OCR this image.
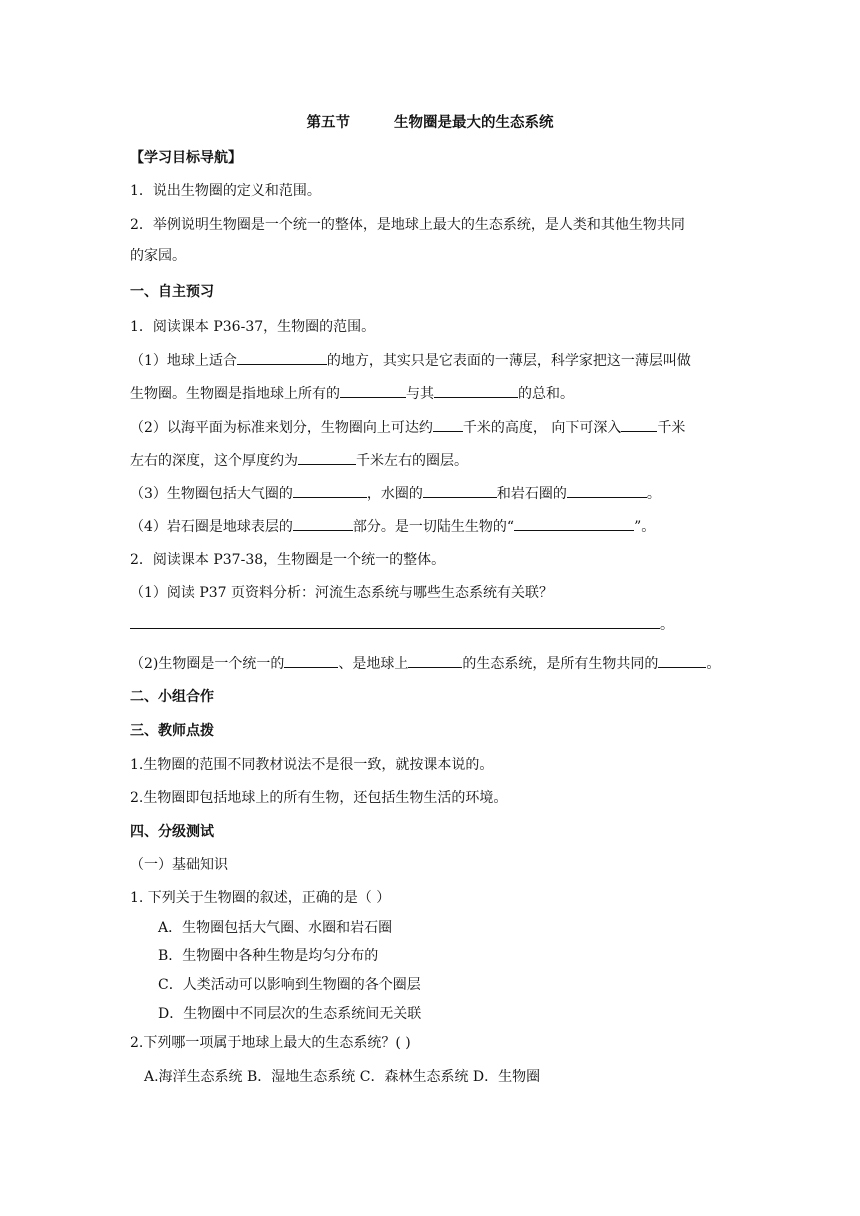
第五节	生物圈是最大的生态系统
【学习目标导航】
1．说出生物圈的定义和范围。
2．举例说明生物圈是一个统一的整体，是地球上最大的生态系统，是人类和其他生物共同
的家园。
一、自主预习
1．阅读课本 P36-37，生物圈的范围。
（1）地球上适合	的地方，其实只是它表面的一薄层，科学家把这一薄层叫做
生物圈。生物圈是指地球上所有的	与其	的总和。
（2）以海平面为标准来划分，生物圈向上可达约 千米的高度， 向下可深入	千米
左右的深度，这个厚度约为	千米左右的圈层。
（3）生物圈包括大气圈的	，水圈的	和岩石圈的	。
（4）岩石圈是地球表层的	部分。是一切陆生生物的“	”。
2．阅读课本 P37-38，生物圈是一个统一的整体。
（1）阅读 P37 页资料分析：河流生态系统与哪些生态系统有关联？
。
（2)生物圈是一个统一的	、是地球上	的生态系统，是所有生物共同的	。
二、小组合作
三、教师点拨
1.生物圈的范围不同教材说法不是很一致，就按课本说的。
2.生物圈即包括地球上的所有生物，还包括生物生活的环境。
四、分级测试
（一）基础知识
1. 下列关于生物圈的叙述，正确的是（ ）
A．生物圈包括大气圈、水圈和岩石圈
B．生物圈中各种生物是均匀分布的
C．人类活动可以影响到生物圈的各个圈层
D．生物圈中不同层次的生态系统间无关联
2.下列哪一项属于地球上最大的生态系统？( )
A.海洋生态系统 B．湿地生态系统 C．森林生态系统 D．生物圈
